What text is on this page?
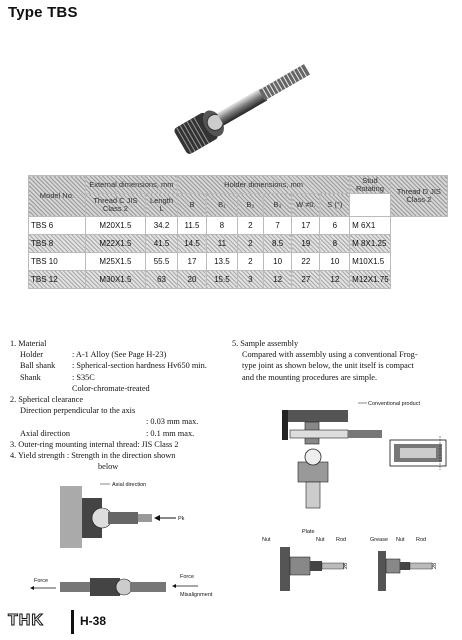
Type TBS
Model No.	External dimensions, mm		Holder dimensions, mm						Stud Rotating	Thread D JIS Class 2
	Thread C JIS Class 2	Length L	B	B₁	B₂	B₃	W ≠0.	S (°)		
TBS 6	M20X1.5	34.2	11.5	8	2	7	17	6	M 6X1	
TBS 8	M22X1.5	41.5	14.5	11	2	8.5	19	8	M 8X1.25	
TBS 10	M25X1.5	55.5	17	13.5	2	10	22	10	M10X1.5	
TBS 12	M30X1.5	63	20	15.5	3	12	27	12	M12X1.75	
1. Material
Holder	: A-1 Alloy (See Page H-23)
Ball shank : Spherical-section hardness Hv650 min.
Shank	: S35C
Color-chromate-treated
2. Spherical clearance
Direction perpendicular to the axis
: 0.03 mm max.
Axial direction	: 0.1 mm max.
3. Outer-ring mounting internal thread: JIS Class 2
4. Yield strength : Strength in the direction shown
below
5. Sample assembly
Compared with assembly using a conventional Frog-
type joint as shown below, the unit itself is compact
and the mounting procedures are simple.
Conventional product
Axial direction
Pk
Force
Force
Misalignment
Plate
Nut	Nut Rod	Grease Nut Rod
28	28
THK	H-38
